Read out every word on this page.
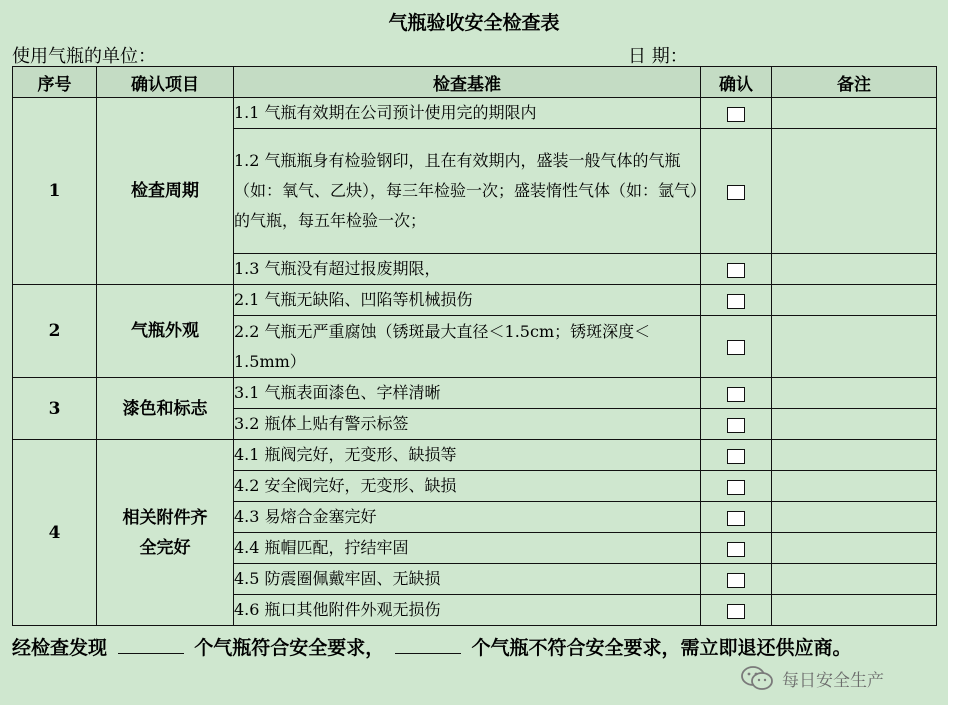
气瓶验收安全检查表
使用气瓶的单位：	日 期：
序号	确认项目	检查基准	确认	备注
1	检查周期	1.1 气瓶有效期在公司预计使用完的期限内		
		1.2 气瓶瓶身有检验钢印，且在有效期内，盛装一般气体的气瓶（如：氧气、乙炔），每三年检验一次；盛装惰性气体（如：氩气）的气瓶，每五年检验一次；		
		1.3 气瓶没有超过报废期限，		
2	气瓶外观	2.1 气瓶无缺陷、凹陷等机械损伤		
		2.2 气瓶无严重腐蚀（锈斑最大直径＜1.5cm；锈斑深度＜1.5mm）		
3	漆色和标志	3.1 气瓶表面漆色、字样清晰		
		3.2 瓶体上贴有警示标签		
4	相关附件齐全完好	4.1 瓶阀完好，无变形、缺损等		
		4.2 安全阀完好，无变形、缺损		
		4.3 易熔合金塞完好		
		4.4 瓶帽匹配，拧结牢固		
		4.5 防震圈佩戴牢固、无缺损		
		4.6 瓶口其他附件外观无损伤		
经检查发现	个气瓶符合安全要求，	个气瓶不符合安全要求，需立即退还供应商。
每日安全生产
